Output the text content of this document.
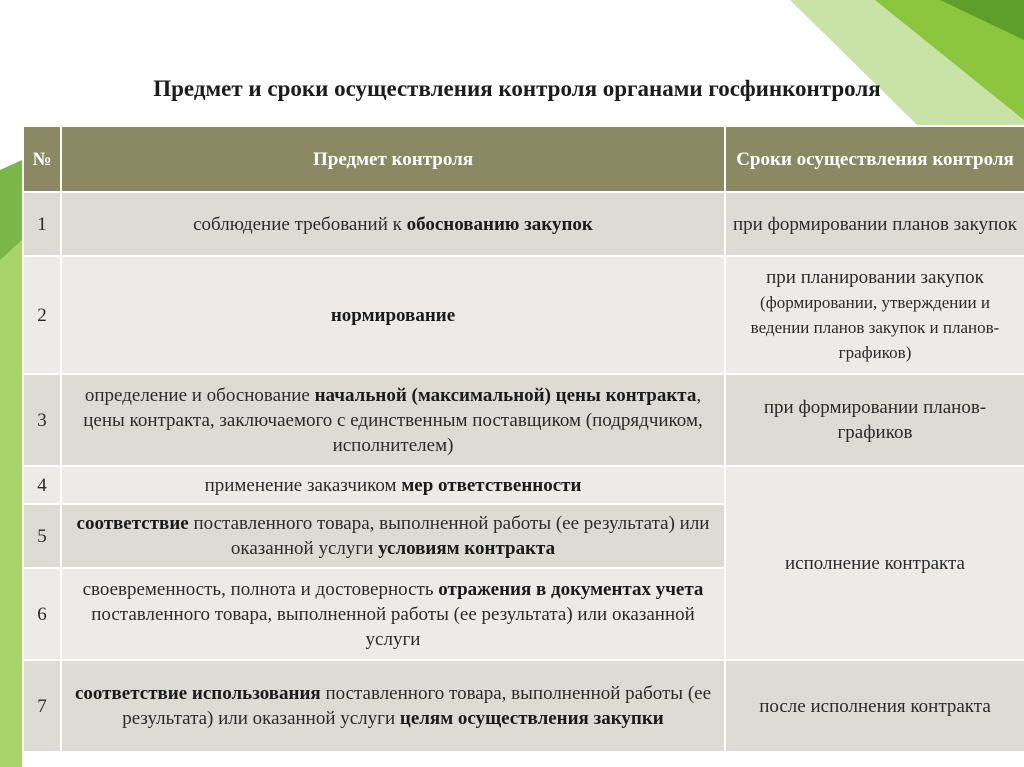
Предмет и сроки осуществления контроля органами госфинконтроля
№	Предмет контроля	Сроки осуществления контроля
1	соблюдение требований к обоснованию закупок	при формировании планов закупок
2	нормирование	при планировании закупок (формировании, утверждении и ведении планов закупок и планов-графиков)
3	определение и обоснование начальной (максимальной) цены контракта, цены контракта, заключаемого с единственным поставщиком (подрядчиком, исполнителем)	при формировании планов-графиков
4	применение заказчиком мер ответственности	исполнение контракта
5	соответствие поставленного товара, выполненной работы (ее результата) или оказанной услуги условиям контракта	
6	своевременность, полнота и достоверность отражения в документах учета поставленного товара, выполненной работы (ее результата) или оказанной услуги	
7	соответствие использования поставленного товара, выполненной работы (ее результата) или оказанной услуги целям осуществления закупки	после исполнения контракта
